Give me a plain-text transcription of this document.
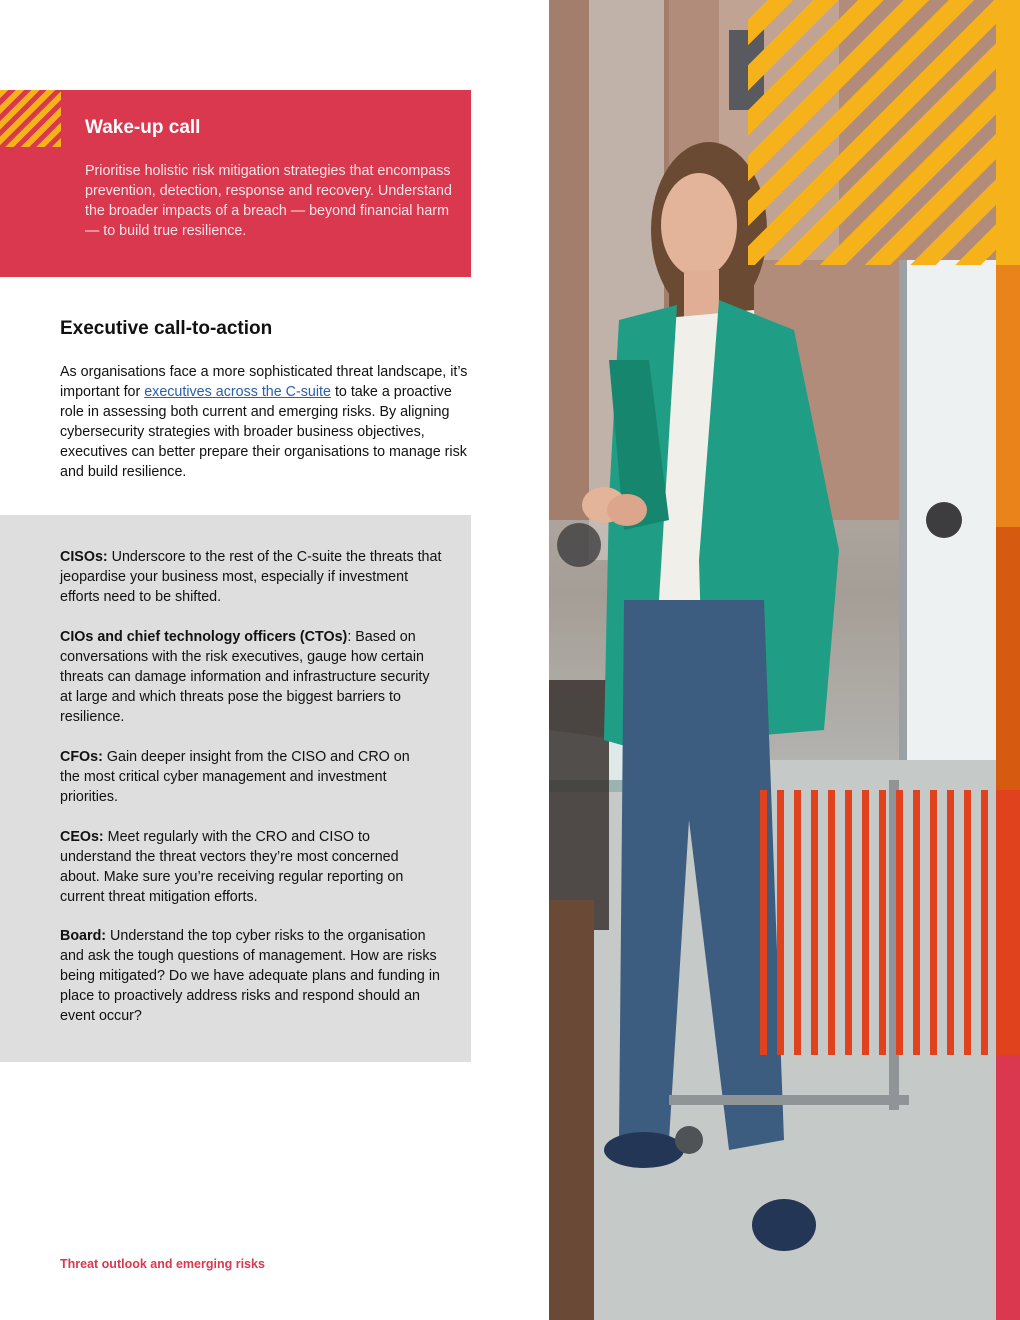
Wake-up call

Prioritise holistic risk mitigation strategies that encompass prevention, detection, response and recovery. Understand the broader impacts of a breach — beyond financial harm — to build true resilience.

Executive call-to-action

As organisations face a more sophisticated threat landscape, it’s important for executives across the C-suite to take a proactive role in assessing both current and emerging risks. By aligning cybersecurity strategies with broader business objectives, executives can better prepare their organisations to manage risk and build resilience.

CISOs: Underscore to the rest of the C-suite the threats that jeopardise your business most, especially if investment efforts need to be shifted.

CIOs and chief technology officers (CTOs): Based on conversations with the risk executives, gauge how certain threats can damage information and infrastructure security at large and which threats pose the biggest barriers to resilience.

CFOs: Gain deeper insight from the CISO and CRO on the most critical cyber management and investment priorities.

CEOs: Meet regularly with the CRO and CISO to understand the threat vectors they’re most concerned about. Make sure you’re receiving regular reporting on current threat mitigation efforts.

Board: Understand the top cyber risks to the organisation and ask the tough questions of management. How are risks being mitigated? Do we have adequate plans and funding in place to proactively address risks and respond should an event occur?

Threat outlook and emerging risks
